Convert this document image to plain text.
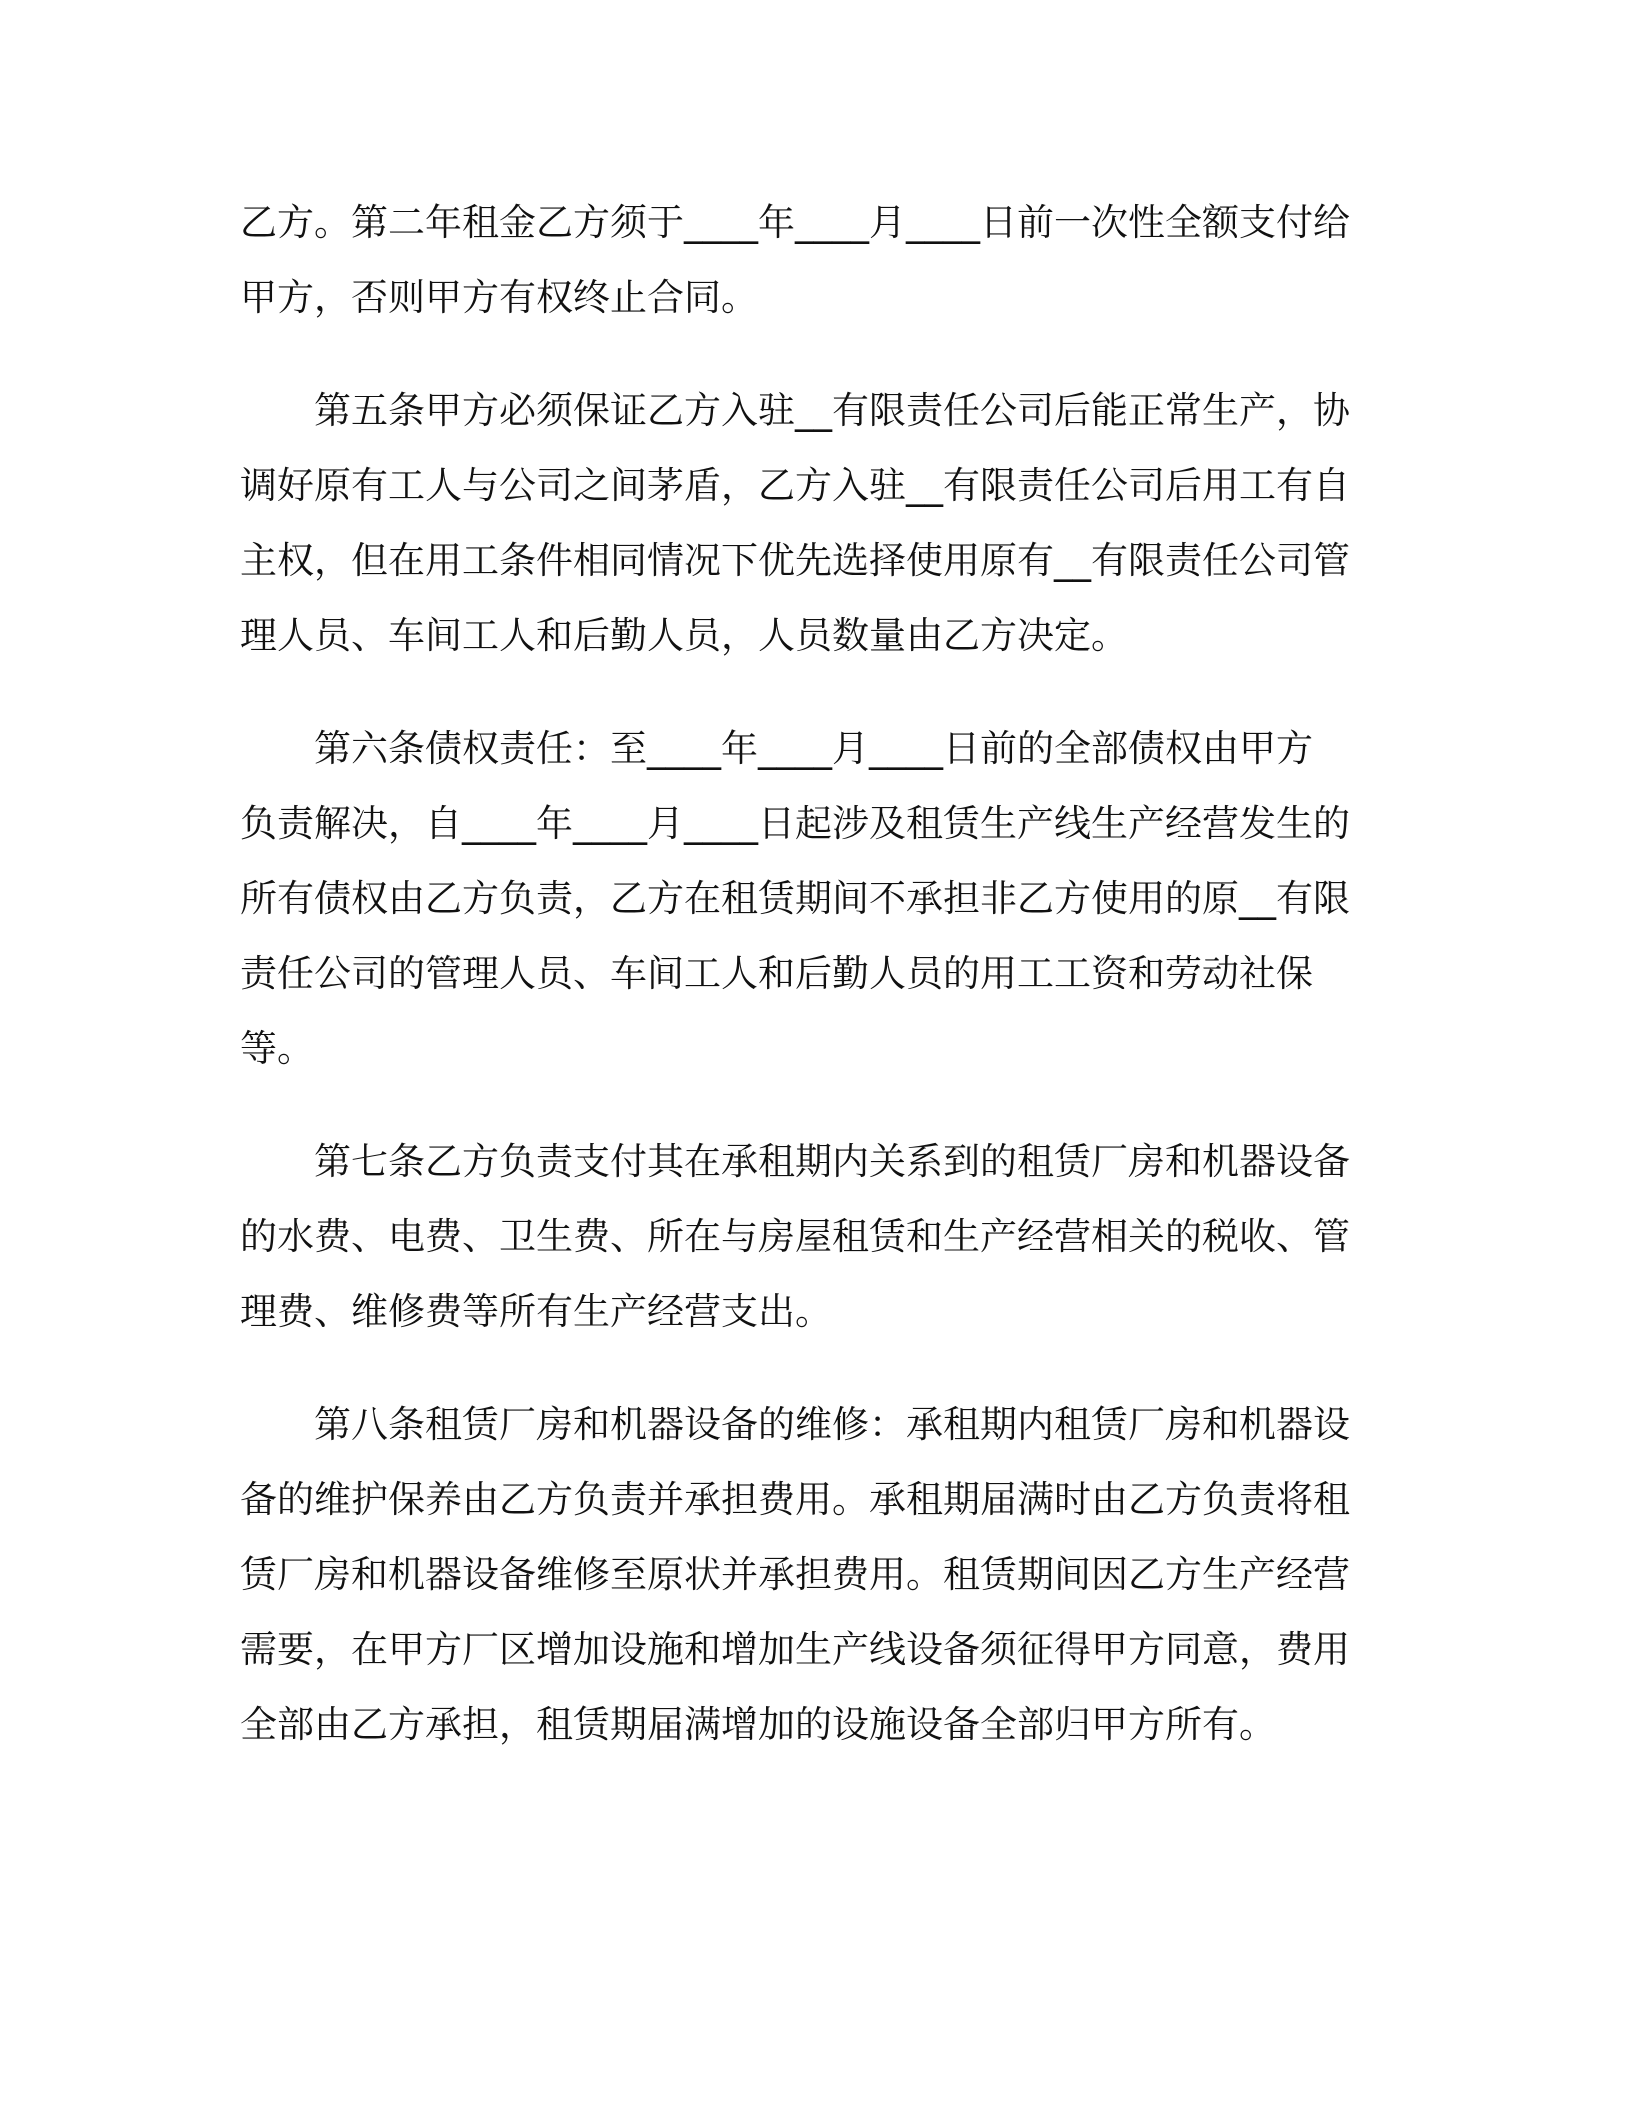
乙方。第二年租金乙方须于____年____月____日前一次性全额支付给
甲方，否则甲方有权终止合同。

　　第五条甲方必须保证乙方入驻__有限责任公司后能正常生产，协
调好原有工人与公司之间茅盾，乙方入驻__有限责任公司后用工有自
主权，但在用工条件相同情况下优先选择使用原有__有限责任公司管
理人员、车间工人和后勤人员，人员数量由乙方决定。

　　第六条债权责任：至____年____月____日前的全部债权由甲方
负责解决，自____年____月____日起涉及租赁生产线生产经营发生的
所有债权由乙方负责，乙方在租赁期间不承担非乙方使用的原__有限
责任公司的管理人员、车间工人和后勤人员的用工工资和劳动社保等。

　　第七条乙方负责支付其在承租期内关系到的租赁厂房和机器设备
的水费、电费、卫生费、所在与房屋租赁和生产经营相关的税收、管
理费、维修费等所有生产经营支出。

　　第八条租赁厂房和机器设备的维修：承租期内租赁厂房和机器设
备的维护保养由乙方负责并承担费用。承租期届满时由乙方负责将租
赁厂房和机器设备维修至原状并承担费用。租赁期间因乙方生产经营
需要，在甲方厂区增加设施和增加生产线设备须征得甲方同意，费用
全部由乙方承担，租赁期届满增加的设施设备全部归甲方所有。
